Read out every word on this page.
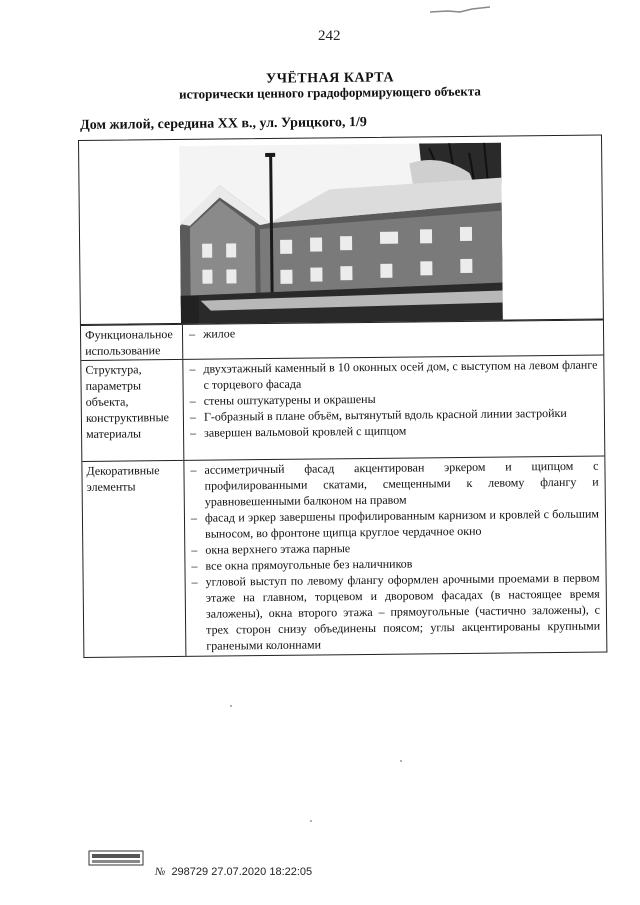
242
УЧЁТНАЯ КАРТА
исторически ценного градоформирующего объекта
Дом жилой, середина XX в., ул. Урицкого, 1/9
Функциональное использование
– жилое
Структура, параметры объекта, конструктивные материалы
– двухэтажный каменный в 10 оконных осей дом, с выступом на левом фланге с торцевого фасада
– стены оштукатурены и окрашены
– Г-образный в плане объём, вытянутый вдоль красной линии застройки
– завершен вальмовой кровлей с щипцом
Декоративные элементы
– ассиметричный фасад акцентирован эркером и щипцом с профилированными скатами, смещенными к левому флангу и уравновешенными балконом на правом
– фасад и эркер завершены профилированным карнизом и кровлей с большим выносом, во фронтоне щипца круглое чердачное окно
– окна верхнего этажа парные
– все окна прямоугольные без наличников
– угловой выступ по левому флангу оформлен арочными проемами в первом этаже на главном, торцевом и дворовом фасадах (в настоящее время заложены), окна второго этажа – прямоугольные (частично заложены), с трех сторон снизу объединены поясом; углы акцентированы крупными гранеными колоннами
№ 298729 27.07.2020 18:22:05
